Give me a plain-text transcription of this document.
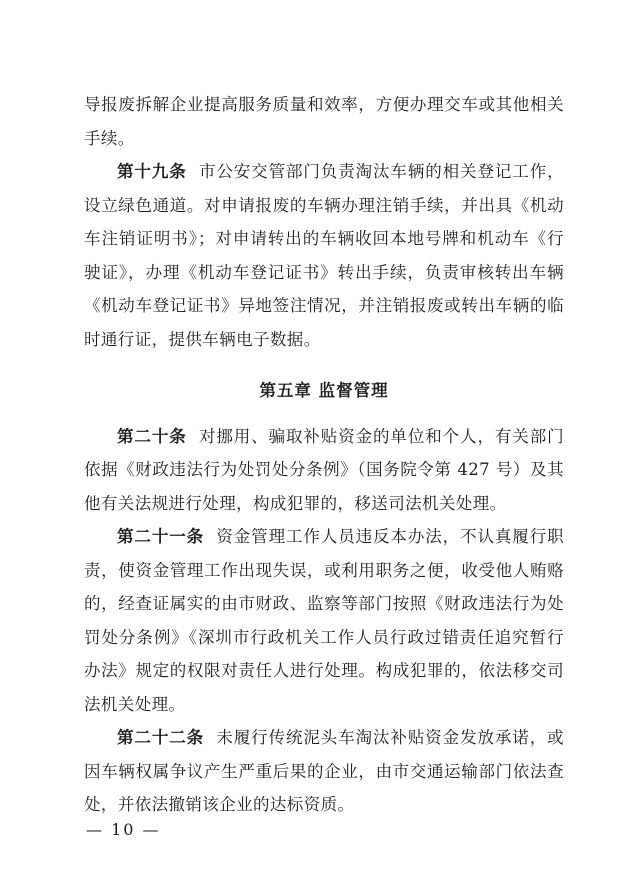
导报废拆解企业提高服务质量和效率，方便办理交车或其他相关手续。

第十九条 市公安交管部门负责淘汰车辆的相关登记工作，设立绿色通道。对申请报废的车辆办理注销手续，并出具《机动车注销证明书》；对申请转出的车辆收回本地号牌和机动车《行驶证》，办理《机动车登记证书》转出手续，负责审核转出车辆《机动车登记证书》异地签注情况，并注销报废或转出车辆的临时通行证，提供车辆电子数据。

第五章 监督管理

第二十条 对挪用、骗取补贴资金的单位和个人，有关部门依据《财政违法行为处罚处分条例》（国务院令第 427 号）及其他有关法规进行处理，构成犯罪的，移送司法机关处理。

第二十一条 资金管理工作人员违反本办法，不认真履行职责，使资金管理工作出现失误，或利用职务之便，收受他人贿赂的，经查证属实的由市财政、监察等部门按照《财政违法行为处罚处分条例》《深圳市行政机关工作人员行政过错责任追究暂行办法》规定的权限对责任人进行处理。构成犯罪的，依法移交司法机关处理。

第二十二条 未履行传统泥头车淘汰补贴资金发放承诺，或因车辆权属争议产生严重后果的企业，由市交通运输部门依法查处，并依法撤销该企业的达标资质。

— 10 —
